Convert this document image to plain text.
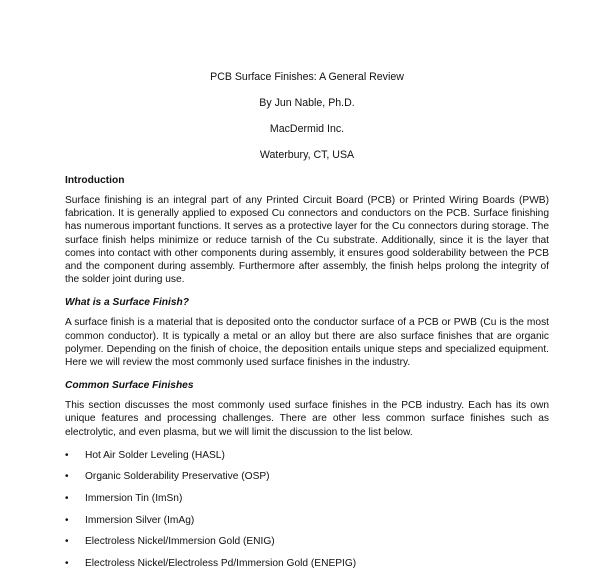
PCB Surface Finishes: A General Review
By Jun Nable, Ph.D.
MacDermid Inc.
Waterbury, CT, USA

Introduction

Surface finishing is an integral part of any Printed Circuit Board (PCB) or Printed Wiring Boards (PWB) fabrication. It is generally applied to exposed Cu connectors and conductors on the PCB. Surface finishing has numerous important functions. It serves as a protective layer for the Cu connectors during storage. The surface finish helps minimize or reduce tarnish of the Cu substrate. Additionally, since it is the layer that comes into contact with other components during assembly, it ensures good solderability between the PCB and the component during assembly. Furthermore after assembly, the finish helps prolong the integrity of the solder joint during use.

What is a Surface Finish?

A surface finish is a material that is deposited onto the conductor surface of a PCB or PWB (Cu is the most common conductor). It is typically a metal or an alloy but there are also surface finishes that are organic polymer. Depending on the finish of choice, the deposition entails unique steps and specialized equipment. Here we will review the most commonly used surface finishes in the industry.

Common Surface Finishes

This section discusses the most commonly used surface finishes in the PCB industry. Each has its own unique features and processing challenges. There are other less common surface finishes such as electrolytic, and even plasma, but we will limit the discussion to the list below.

•	Hot Air Solder Leveling (HASL)
•	Organic Solderability Preservative (OSP)
•	Immersion Tin (ImSn)
•	Immersion Silver (ImAg)
•	Electroless Nickel/Immersion Gold (ENIG)
•	Electroless Nickel/Electroless Pd/Immersion Gold (ENEPIG)
